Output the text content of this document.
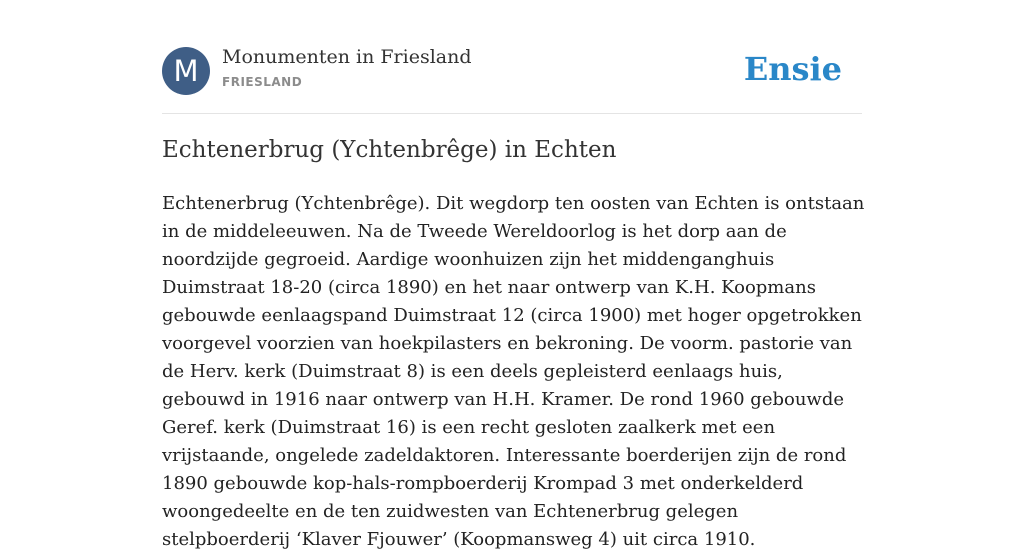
M	Monumenten in Friesland
FRIESLAND	Ensie
Echtenerbrug (Ychtenbrêge) in Echten

Echtenerbrug (Ychtenbrêge). Dit wegdorp ten oosten van Echten is ontstaan in de middeleeuwen. Na de Tweede Wereldoorlog is het dorp aan de noordzijde gegroeid. Aardige woonhuizen zijn het middenganghuis Duimstraat 18-20 (circa 1890) en het naar ontwerp van K.H. Koopmans gebouwde eenlaagspand Duimstraat 12 (circa 1900) met hoger opgetrokken voorgevel voorzien van hoekpilasters en bekroning. De voorm. pastorie van de Herv. kerk (Duimstraat 8) is een deels gepleisterd eenlaags huis, gebouwd in 1916 naar ontwerp van H.H. Kramer. De rond 1960 gebouwde Geref. kerk (Duimstraat 16) is een recht gesloten zaalkerk met een vrijstaande, ongelede zadeldaktoren. Interessante boerderijen zijn de rond 1890 gebouwde kop-hals-rompboerderij Krompad 3 met onderkelderd woongedeelte en de ten zuidwesten van Echtenerbrug gelegen stelpboerderij ‘Klaver Fjouwer’ (Koopmansweg 4) uit circa 1910.
